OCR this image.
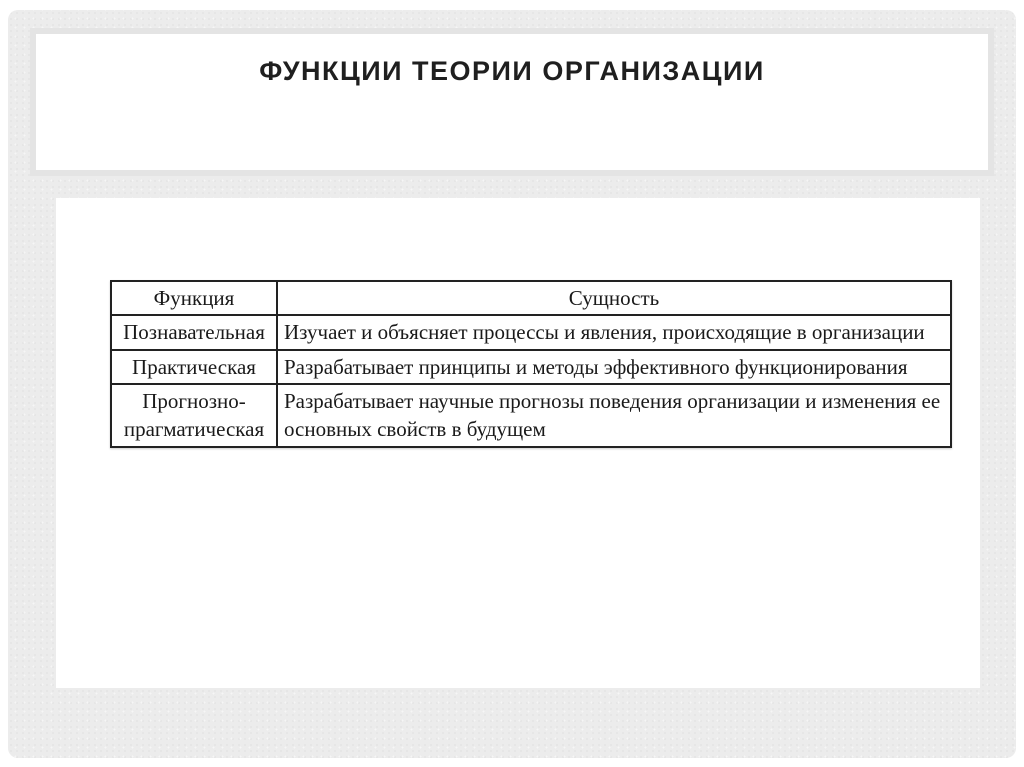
ФУНКЦИИ ТЕОРИИ ОРГАНИЗАЦИИ
Функция	Сущность
Познавательная	Изучает и объясняет процессы и явления, происходящие в организации
Практическая	Разрабатывает принципы и методы эффективного функционирования
Прогнозно-прагматическая	Разрабатывает научные прогнозы поведения организации и изменения ее основных свойств в будущем
